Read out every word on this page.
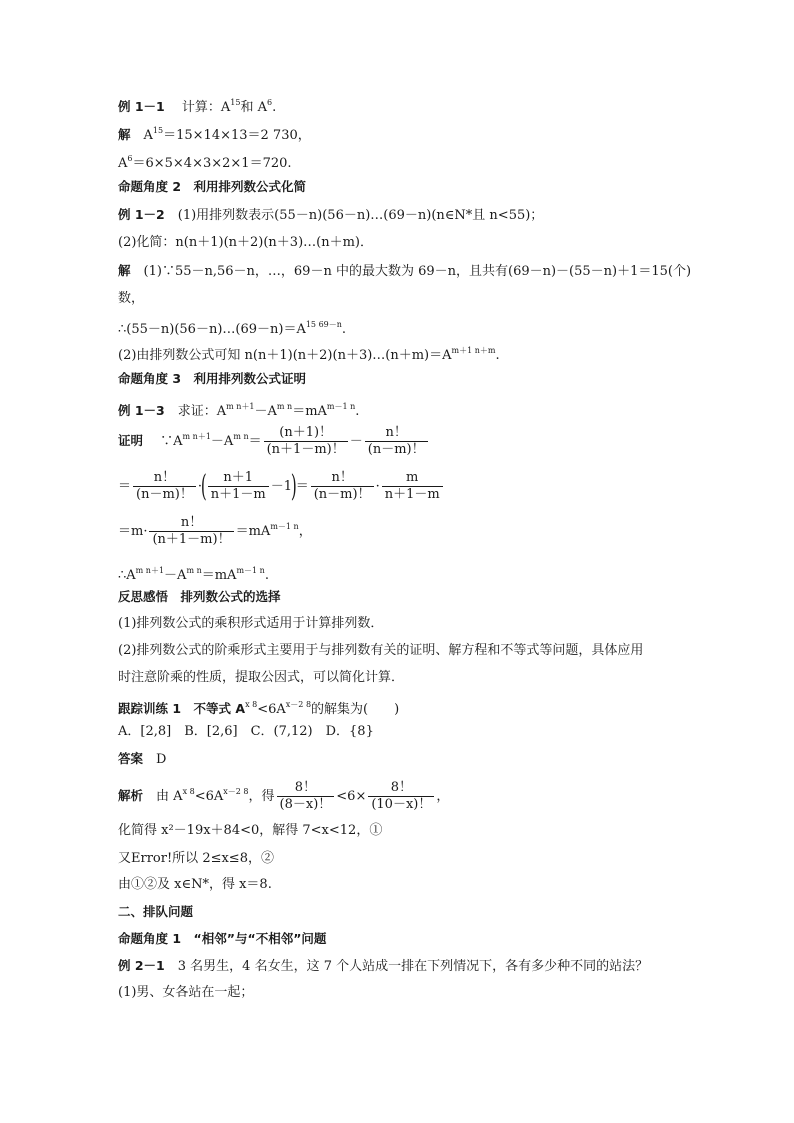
例 1－1　 计算：$A^{15}$和 $A^6$.
解　 $A^{15}=15\times 14\times 13=2$ 730，
$A^6=6\times 5\times 4\times 3\times 2\times 1=720$.
命题角度 2　利用排列数公式化简
例 1－2　 (1)用排列数表示(55－n)(56－n)…(69－n)(n∈N*且 n<55)；
(2)化简：n(n＋1)(n＋2)(n＋3)…(n＋m)．
解　 (1)∵55－n,56－n，…，69－n 中的最大数为 69－n，且共有(69－n)－(55－n)＋1＝15(个)
数，
$\therefore(55-n)(56-n)\dots(69-n)=A^{15 69-n}$.
(2)由排列数公式可知 $n(n+1)(n+2)(n+3)\dots(n+m)=A^{m+1 n+m}$.
命题角度 3　利用排列数公式证明
例 1－3　 求证：$A^{m n+1}-A^{m n}=mA^{m-1 n}$.
证明　 $\because A^{m n+1}-A^{m n}= \frac{(n+1)!}{(n+1-m)!} - \frac{n!}{(n-m)!}$
＝ $\frac{n!}{(n-m)!}$ ·( $\frac{n+1}{n+1-m} -1)= \frac{n!}{(n-m)!} \cdot \frac{m}{n+1-m}$
$=m\cdot \frac{n!}{(n+1-m)!} =mA^{m-1 n}$，
$\therefore A^{m n+1}-A^{m n}=mA^{m-1 n}$.
反思感悟　排列数公式的选择
(1)排列数公式的乘积形式适用于计算排列数．
(2)排列数公式的阶乘形式主要用于与排列数有关的证明、解方程和不等式等问题，具体应用
时注意阶乘的性质，提取公因式，可以简化计算．
跟踪训练 1　不等式 $A^{x 8}<6A^{x-2 8}$的解集为(　　)
A．[2,8]　B．[2,6]　C．(7,12)　D．{8}
答案　 D
解析　 由 $A^{x 8}<6A^{x-2 8}$，得 $\frac{8!}{(8-x)!} <6\times \frac{8!}{(10-x)!}$ ，
化简得 x²－19x＋84<0，解得 7<x<12，①
又Error!所以 2≤x≤8，②
由①②及 x∈N*，得 x＝8.
二、排队问题
命题角度 1　“相邻”与“不相邻”问题
例 2－1　 3 名男生，4 名女生，这 7 个人站成一排在下列情况下，各有多少种不同的站法？
(1)男、女各站在一起；
